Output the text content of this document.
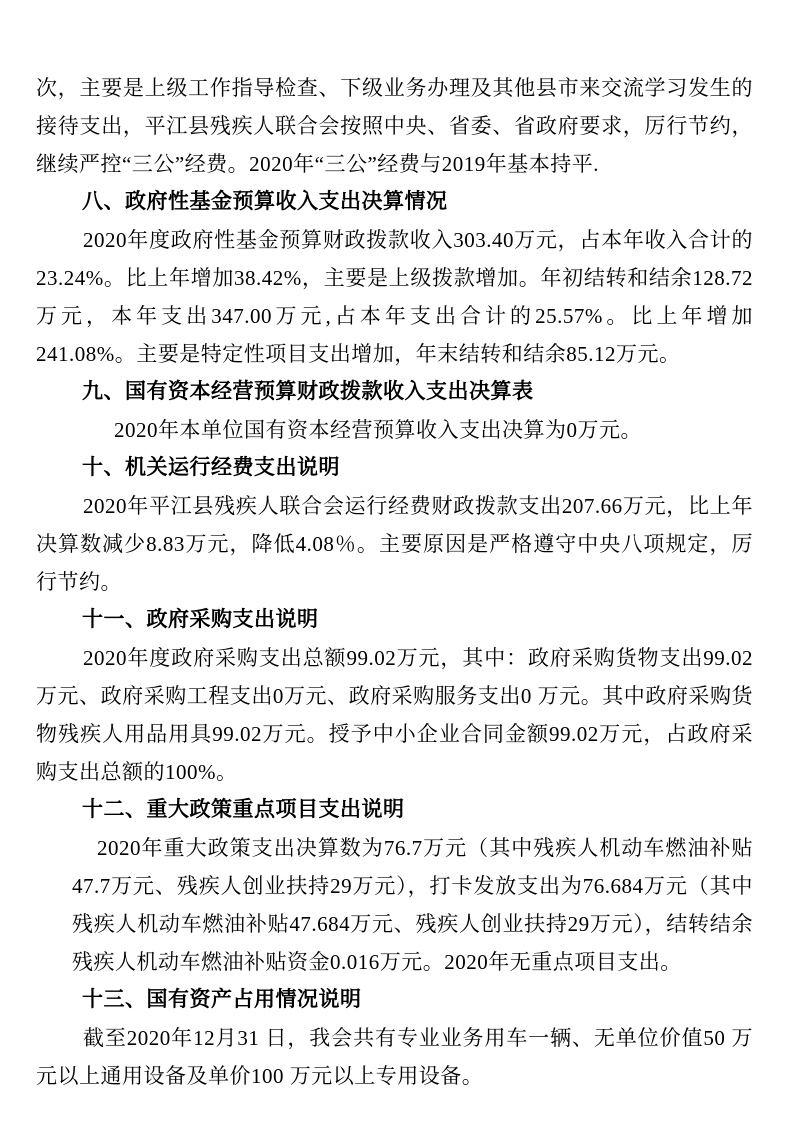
次，主要是上级工作指导检查、下级业务办理及其他县市来交流学习发生的接待支出，平江县残疾人联合会按照中央、省委、省政府要求，厉行节约，继续严控“三公”经费。2020年“三公”经费与2019年基本持平.

八、政府性基金预算收入支出决算情况

2020年度政府性基金预算财政拨款收入303.40万元，占本年收入合计的23.24%。比上年增加38.42%，主要是上级拨款增加。年初结转和结余128.72万元，本年支出347.00万元,占本年支出合计的25.57%。比上年增加241.08%。主要是特定性项目支出增加，年末结转和结余85.12万元。

九、国有资本经营预算财政拨款收入支出决算表

2020年本单位国有资本经营预算收入支出决算为0万元。

十、机关运行经费支出说明

2020年平江县残疾人联合会运行经费财政拨款支出207.66万元，比上年决算数减少8.83万元，降低4.08％。主要原因是严格遵守中央八项规定，厉行节约。

十一、政府采购支出说明

2020年度政府采购支出总额99.02万元，其中：政府采购货物支出99.02万元、政府采购工程支出0万元、政府采购服务支出0 万元。其中政府采购货物残疾人用品用具99.02万元。授予中小企业合同金额99.02万元，占政府采购支出总额的100%。

十二、重大政策重点项目支出说明

2020年重大政策支出决算数为76.7万元（其中残疾人机动车燃油补贴47.7万元、残疾人创业扶持29万元），打卡发放支出为76.684万元（其中残疾人机动车燃油补贴47.684万元、残疾人创业扶持29万元），结转结余残疾人机动车燃油补贴资金0.016万元。2020年无重点项目支出。

十三、国有资产占用情况说明

截至2020年12月31 日，我会共有专业业务用车一辆、无单位价值50 万元以上通用设备及单价100 万元以上专用设备。
